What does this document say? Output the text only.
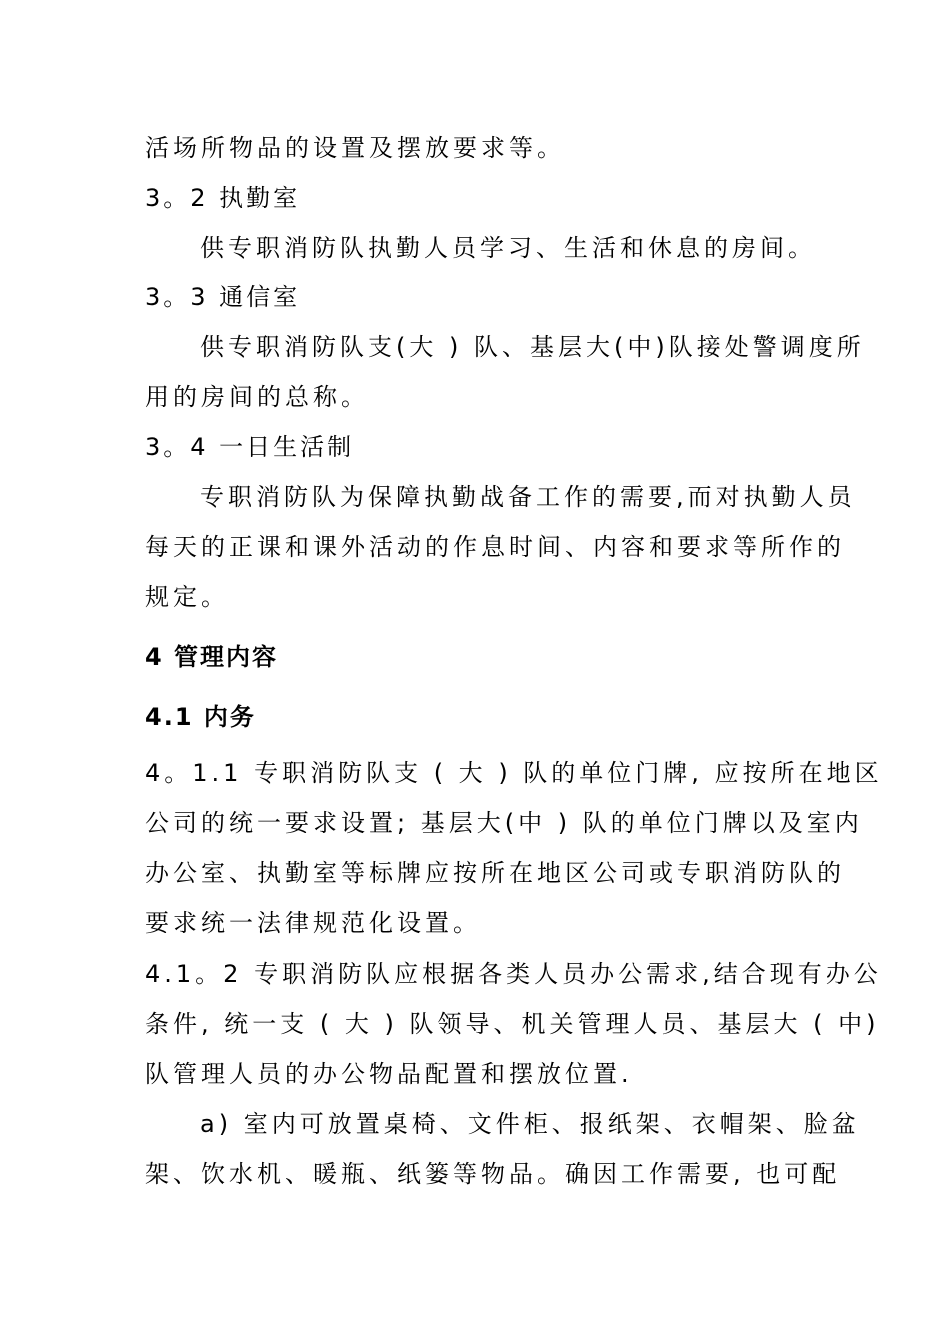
活场所物品的设置及摆放要求等。
3。2 执勤室
供专职消防队执勤人员学习、生活和休息的房间。
3。3 通信室
供专职消防队支(大 ) 队、基层大(中)队接处警调度所
用的房间的总称。
3。4 一日生活制
专职消防队为保障执勤战备工作的需要,而对执勤人员
每天的正课和课外活动的作息时间、内容和要求等所作的
规定。
4 管理内容
4.1 内务
4。1.1 专职消防队支 ( 大 ) 队的单位门牌, 应按所在地区
公司的统一要求设置; 基层大(中 ) 队的单位门牌以及室内
办公室、执勤室等标牌应按所在地区公司或专职消防队的
要求统一法律规范化设置。
4.1。2 专职消防队应根据各类人员办公需求,结合现有办公
条件, 统一支 ( 大 ) 队领导、机关管理人员、基层大 ( 中)
队管理人员的办公物品配置和摆放位置.
a) 室内可放置桌椅、文件柜、报纸架、衣帽架、脸盆
架、饮水机、暖瓶、纸篓等物品。确因工作需要, 也可配
